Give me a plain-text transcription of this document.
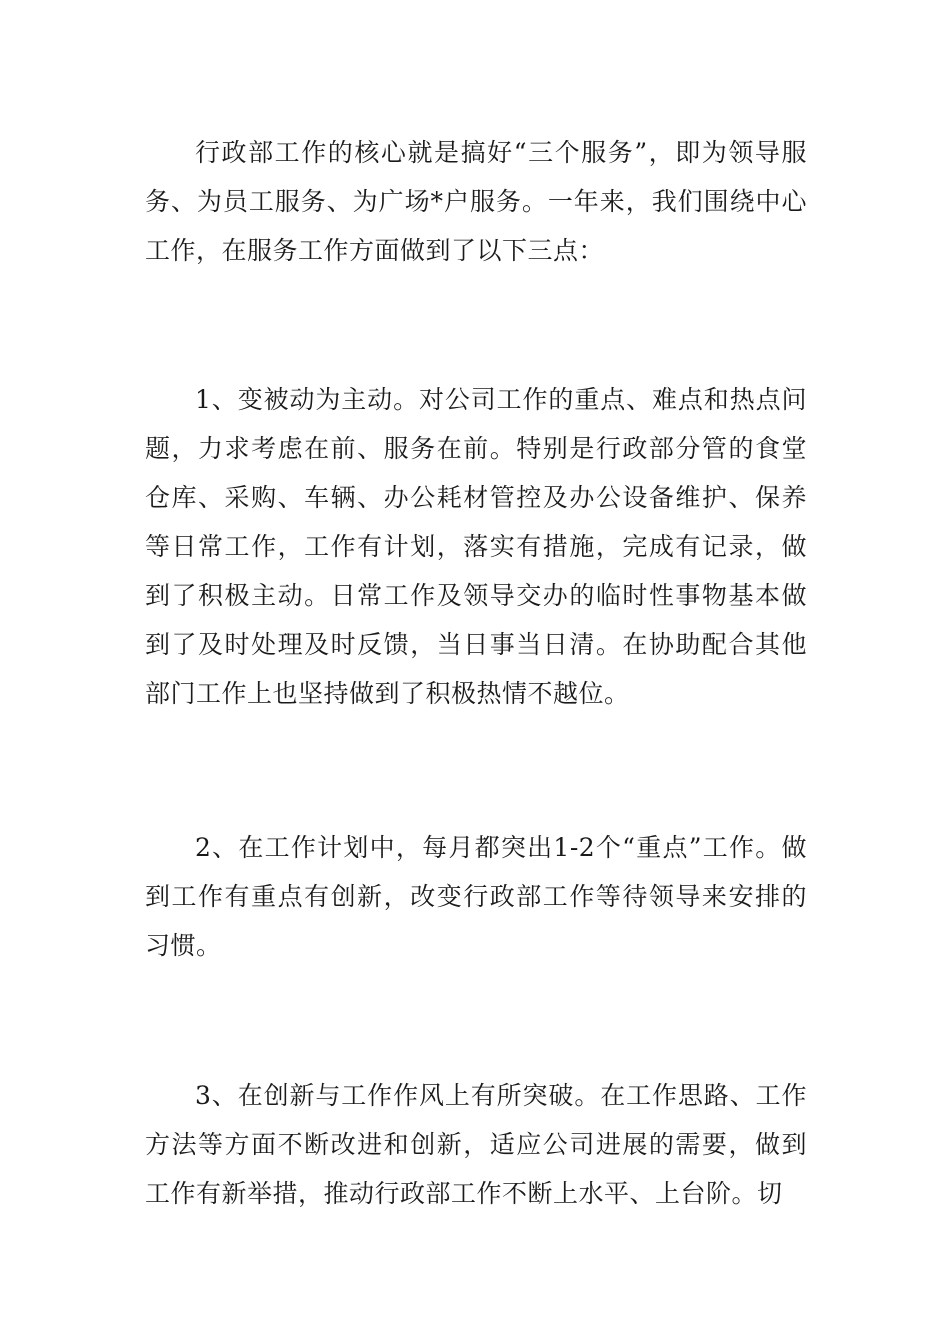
行政部工作的核心就是搞好“三个服务”，即为领导服务、为员工服务、为广场*户服务。一年来，我们围绕中心工作，在服务工作方面做到了以下三点：

1、变被动为主动。对公司工作的重点、难点和热点问题，力求考虑在前、服务在前。特别是行政部分管的食堂仓库、采购、车辆、办公耗材管控及办公设备维护、保养等日常工作，工作有计划，落实有措施，完成有记录，做到了积极主动。日常工作及领导交办的临时性事物基本做到了及时处理及时反馈，当日事当日清。在协助配合其他部门工作上也坚持做到了积极热情不越位。

2、在工作计划中，每月都突出1-2个“重点”工作。做到工作有重点有创新，改变行政部工作等待领导来安排的习惯。

3、在创新与工作作风上有所突破。在工作思路、工作方法等方面不断改进和创新，适应公司进展的需要，做到工作有新举措，推动行政部工作不断上水平、上台阶。切
